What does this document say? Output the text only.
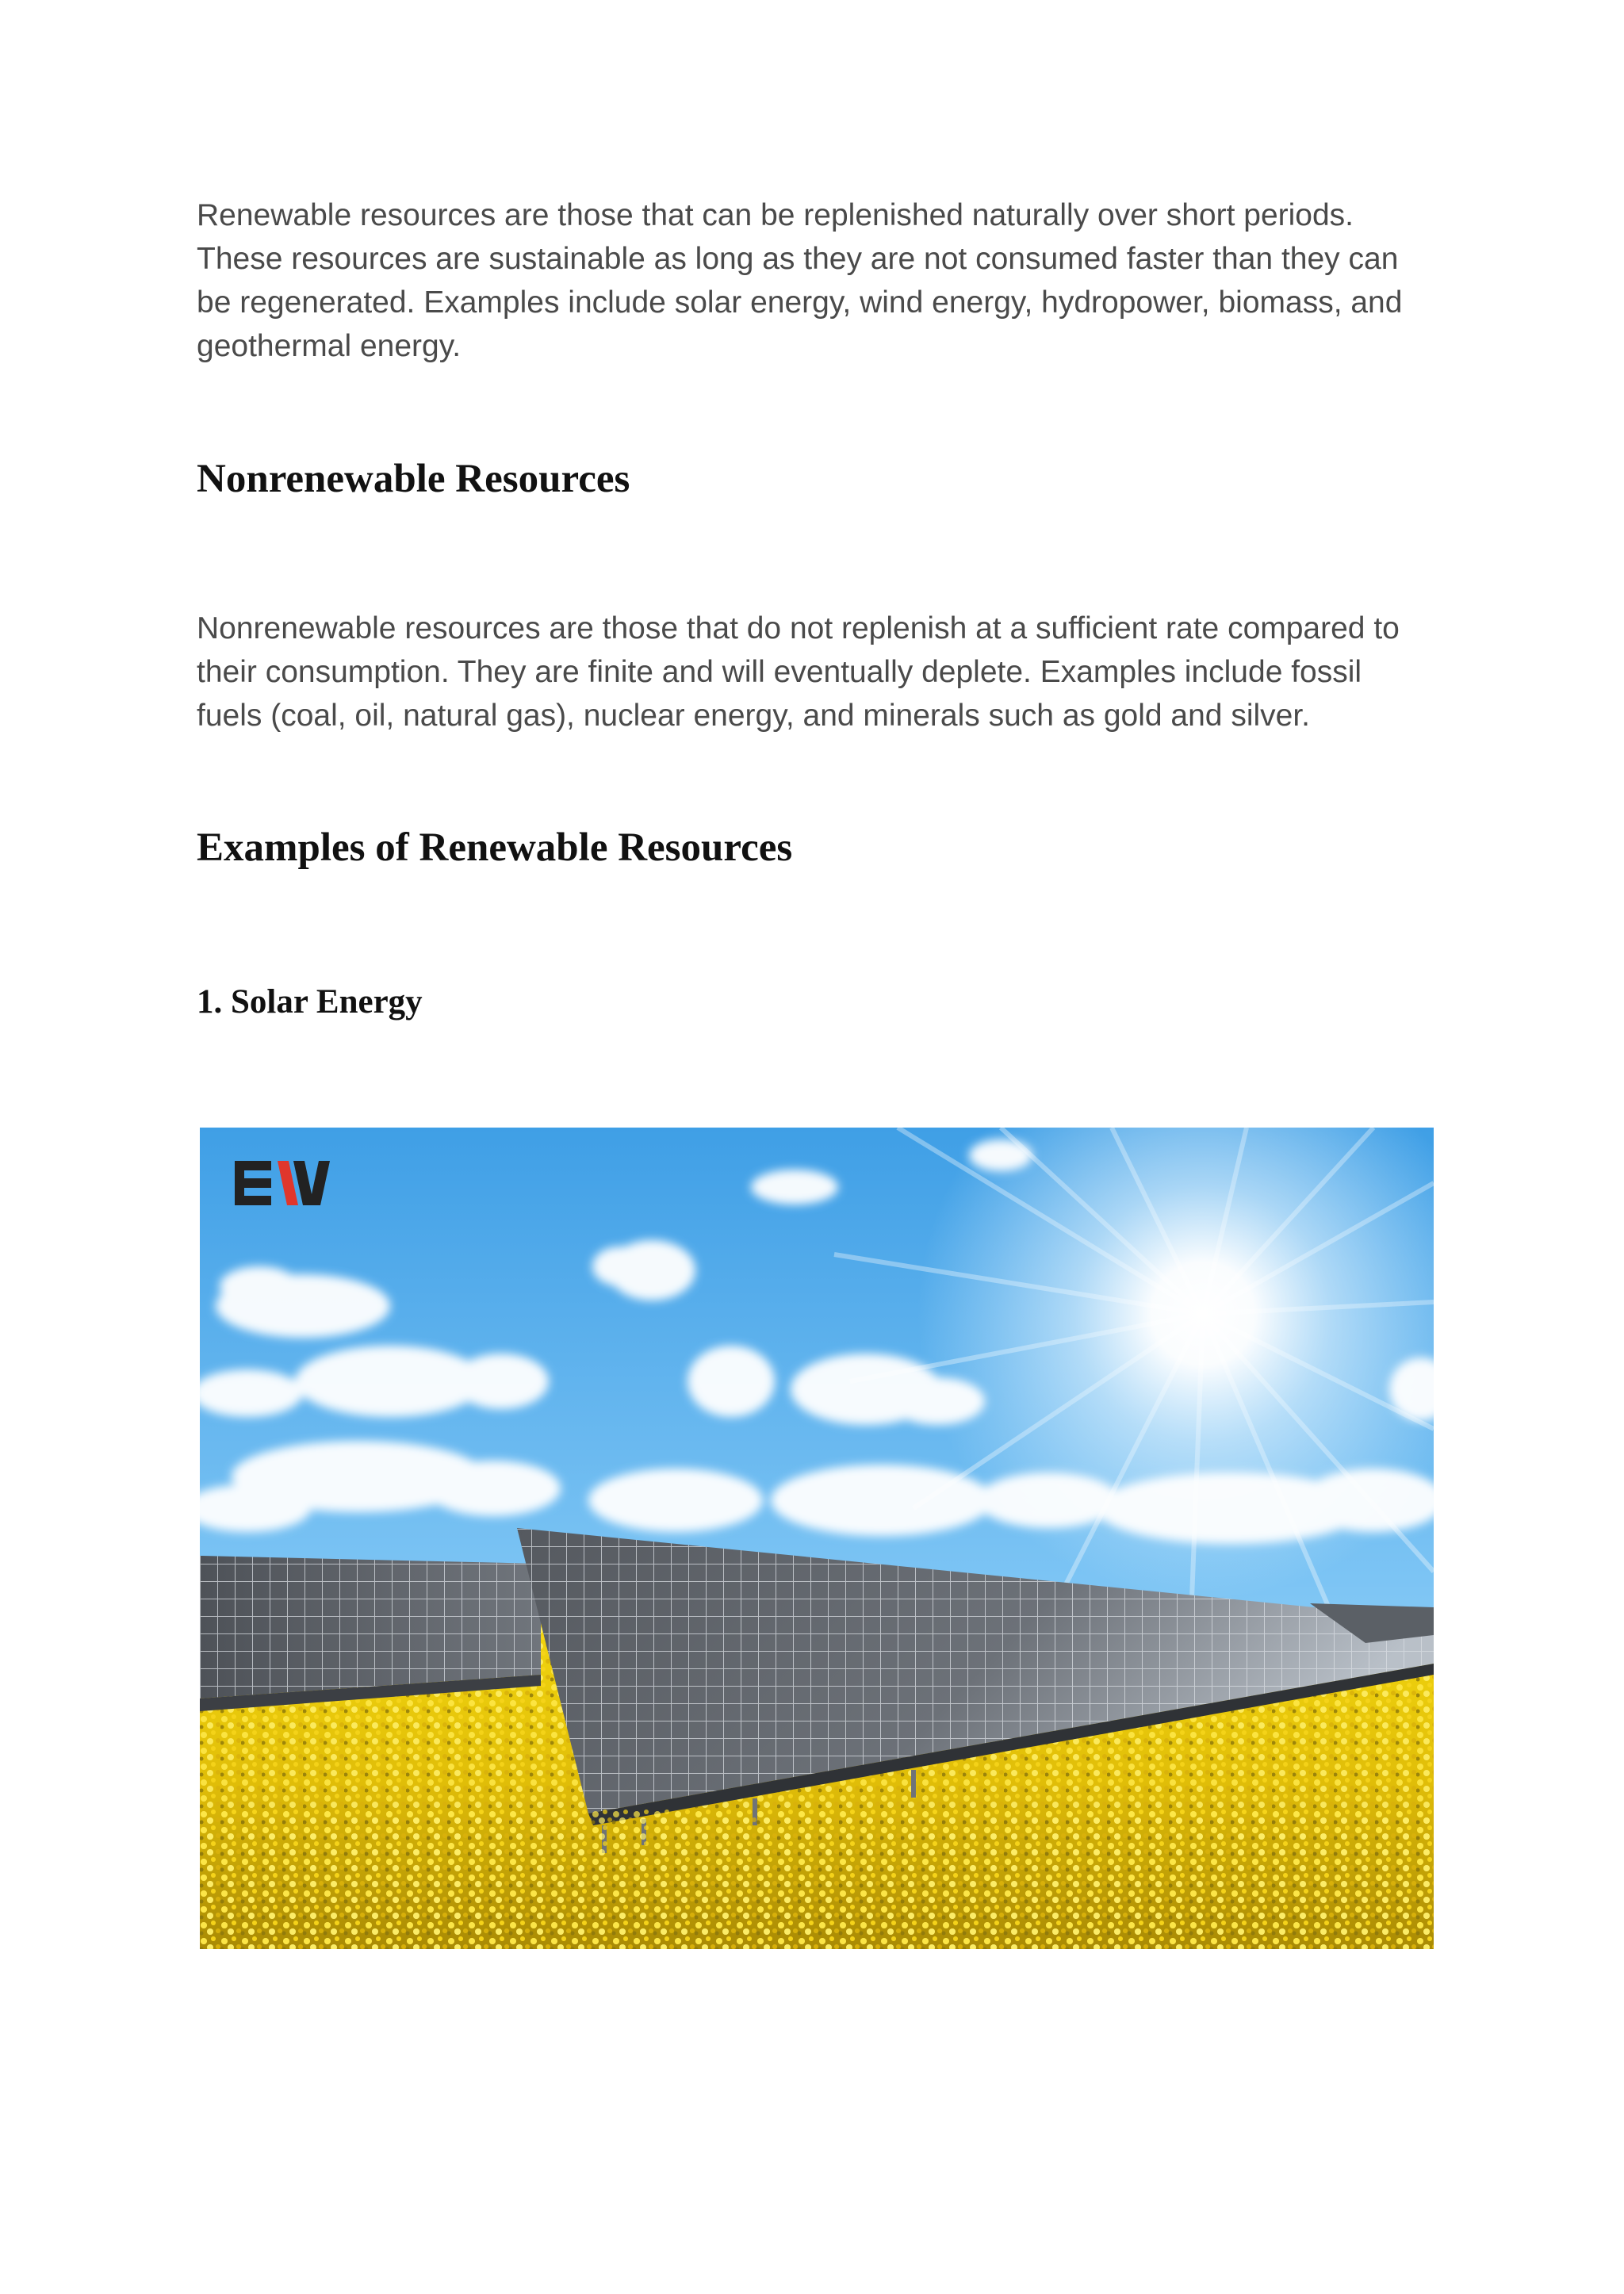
Renewable resources are those that can be replenished naturally over short periods. These resources are sustainable as long as they are not consumed faster than they can be regenerated. Examples include solar energy, wind energy, hydropower, biomass, and geothermal energy.

Nonrenewable Resources

Nonrenewable resources are those that do not replenish at a sufficient rate compared to their consumption. They are finite and will eventually deplete. Examples include fossil fuels (coal, oil, natural gas), nuclear energy, and minerals such as gold and silver.

Examples of Renewable Resources
1. Solar Energy
